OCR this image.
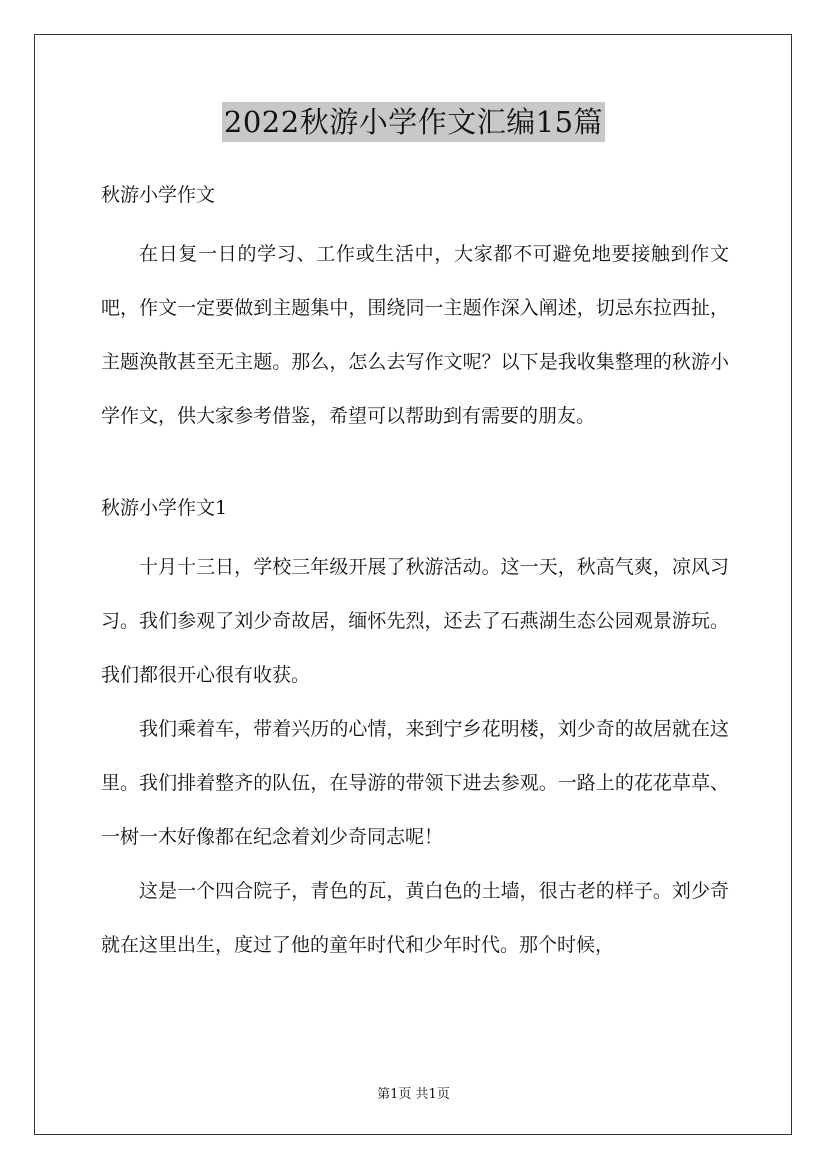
2022秋游小学作文汇编15篇

秋游小学作文

在日复一日的学习、工作或生活中，大家都不可避免地要接触到作文吧，作文一定要做到主题集中，围绕同一主题作深入阐述，切忌东拉西扯，主题涣散甚至无主题。那么，怎么去写作文呢？以下是我收集整理的秋游小学作文，供大家参考借鉴，希望可以帮助到有需要的朋友。

秋游小学作文1

十月十三日，学校三年级开展了秋游活动。这一天，秋高气爽，凉风习习。我们参观了刘少奇故居，缅怀先烈，还去了石燕湖生态公园观景游玩。我们都很开心很有收获。

我们乘着车，带着兴历的心情，来到宁乡花明楼，刘少奇的故居就在这里。我们排着整齐的队伍，在导游的带领下进去参观。一路上的花花草草、一树一木好像都在纪念着刘少奇同志呢！

这是一个四合院子，青色的瓦，黄白色的土墙，很古老的样子。刘少奇就在这里出生，度过了他的童年时代和少年时代。那个时候，

第1页 共1页
